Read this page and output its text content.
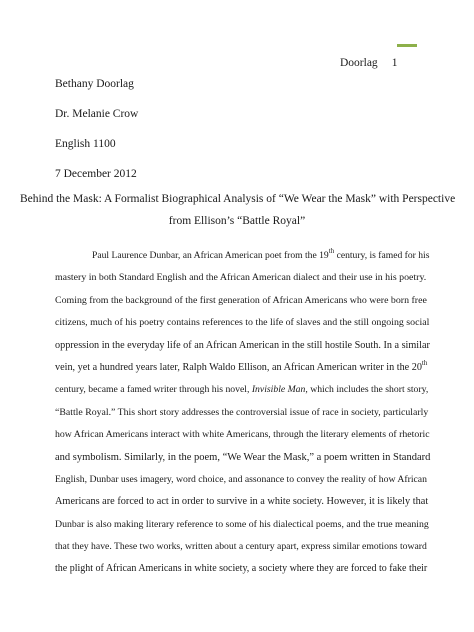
Doorlag 1
Bethany Doorlag
Dr. Melanie Crow
English 1100
7 December 2012
Behind the Mask: A Formalist Biographical Analysis of “We Wear the Mask” with Perspective
from Ellison’s “Battle Royal”
Paul Laurence Dunbar, an African American poet from the 19th century, is famed for his
mastery in both Standard English and the African American dialect and their use in his poetry.
Coming from the background of the first generation of African Americans who were born free
citizens, much of his poetry contains references to the life of slaves and the still ongoing social
oppression in the everyday life of an African American in the still hostile South. In a similar
vein, yet a hundred years later, Ralph Waldo Ellison, an African American writer in the 20th
century, became a famed writer through his novel, Invisible Man, which includes the short story,
“Battle Royal.” This short story addresses the controversial issue of race in society, particularly
how African Americans interact with white Americans, through the literary elements of rhetoric
and symbolism. Similarly, in the poem, “We Wear the Mask,” a poem written in Standard
English, Dunbar uses imagery, word choice, and assonance to convey the reality of how African
Americans are forced to act in order to survive in a white society. However, it is likely that
Dunbar is also making literary reference to some of his dialectical poems, and the true meaning
that they have. These two works, written about a century apart, express similar emotions toward
the plight of African Americans in white society, a society where they are forced to fake their
